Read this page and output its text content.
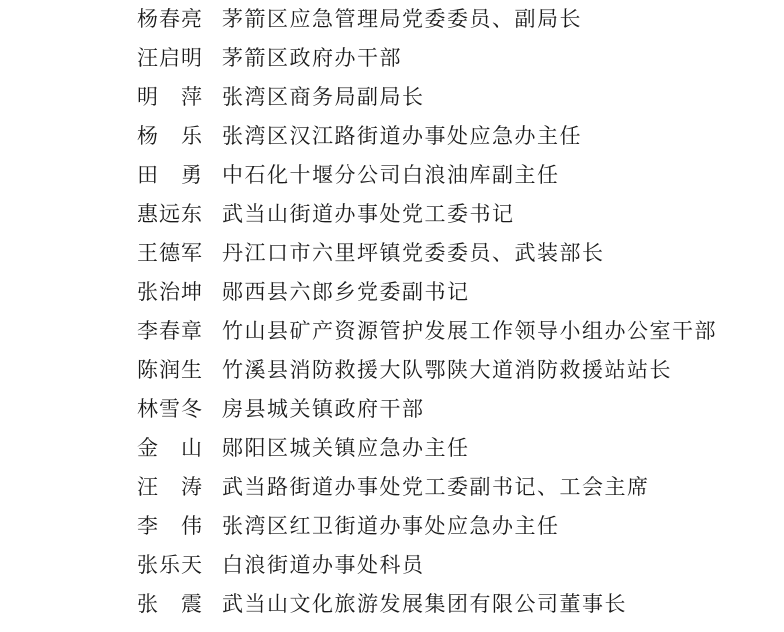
杨春亮 茅箭区应急管理局党委委员、副局长
汪启明 茅箭区政府办干部
明　萍 张湾区商务局副局长
杨　乐 张湾区汉江路街道办事处应急办主任
田　勇 中石化十堰分公司白浪油库副主任
惠远东 武当山街道办事处党工委书记
王德军 丹江口市六里坪镇党委委员、武装部长
张治坤 郧西县六郎乡党委副书记
李春章 竹山县矿产资源管护发展工作领导小组办公室干部
陈润生 竹溪县消防救援大队鄂陕大道消防救援站站长
林雪冬 房县城关镇政府干部
金　山 郧阳区城关镇应急办主任
汪　涛 武当路街道办事处党工委副书记、工会主席
李　伟 张湾区红卫街道办事处应急办主任
张乐天 白浪街道办事处科员
张　震 武当山文化旅游发展集团有限公司董事长
